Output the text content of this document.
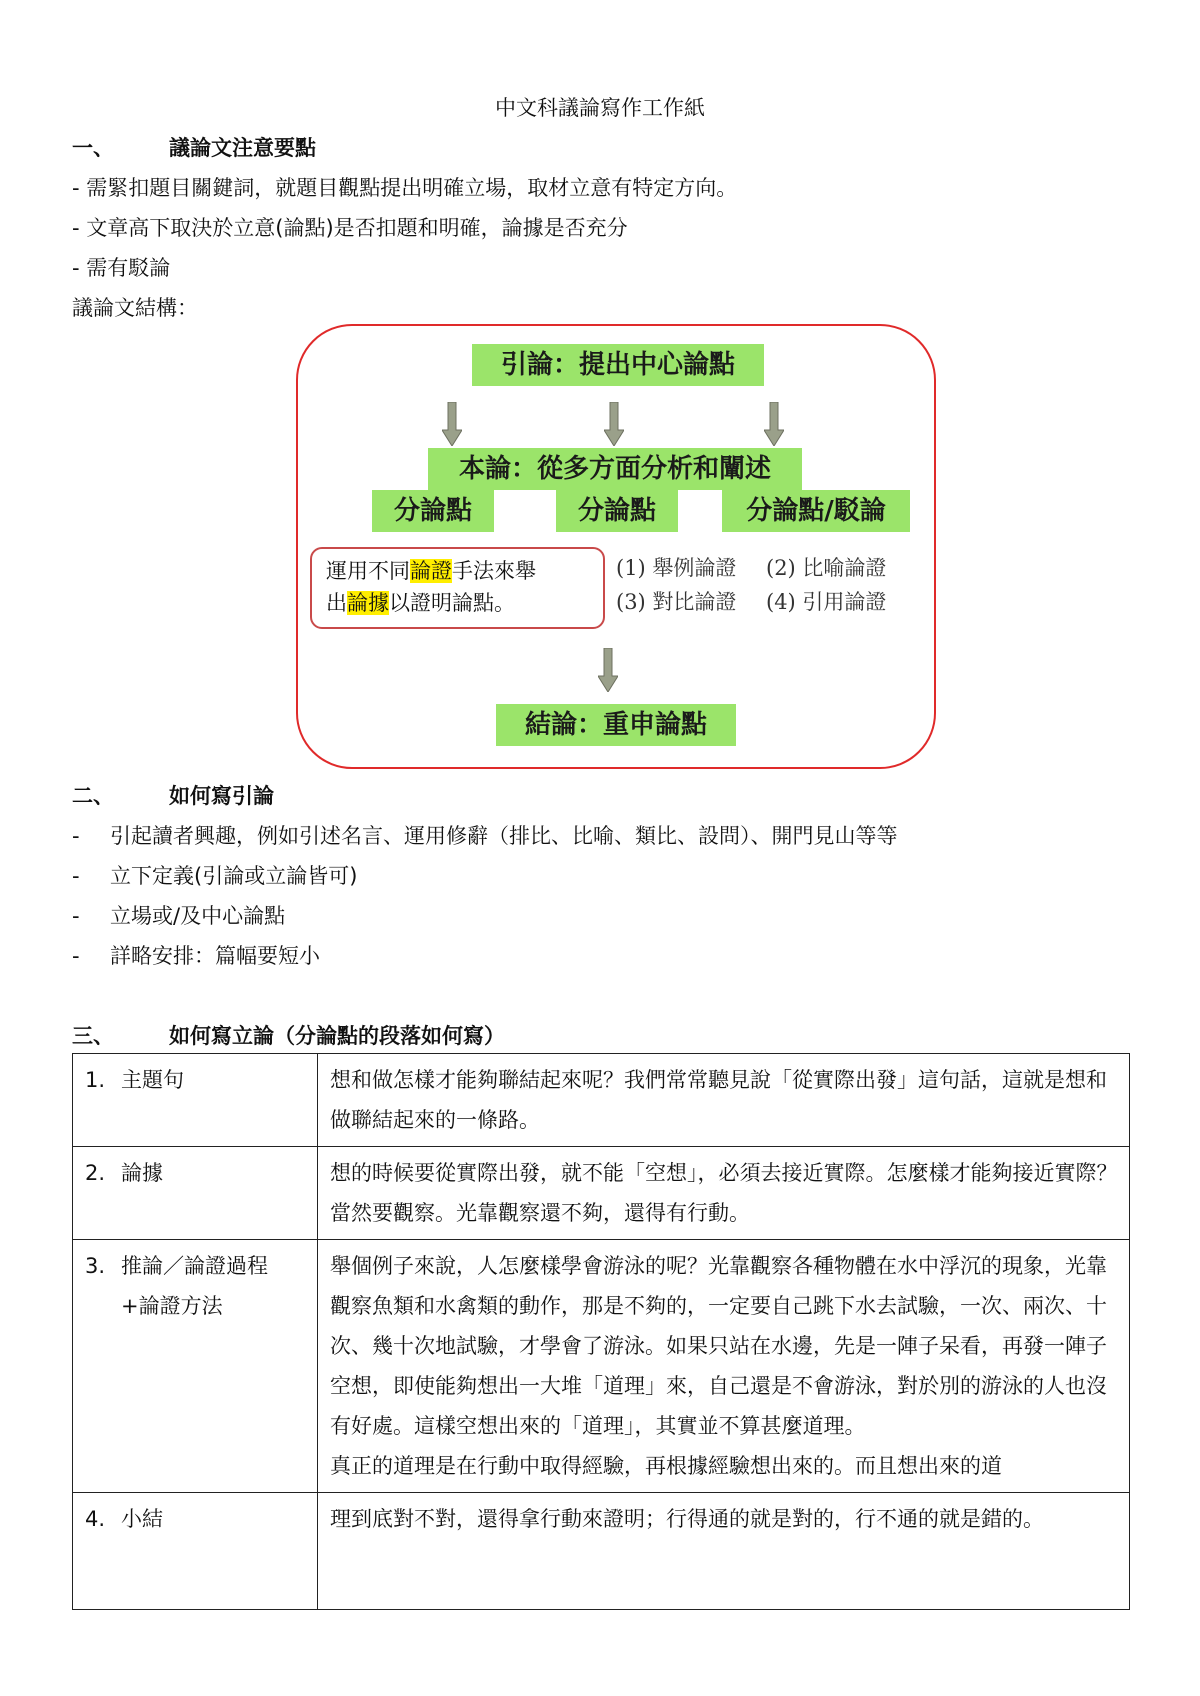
中文科議論寫作工作紙
一、	議論文注意要點
- 需緊扣題目關鍵詞，就題目觀點提出明確立場，取材立意有特定方向。
- 文章高下取決於立意(論點)是否扣題和明確，論據是否充分
- 需有駁論
議論文結構：
引論：提出中心論點
本論：從多方面分析和闡述
分論點	分論點	分論點/駁論
運用不同論證手法來舉
出論據以證明論點。
(1) 舉例論證 (2) 比喻論證
(3) 對比論證 (4) 引用論證
結論：重申論點
二、	如何寫引論
- 引起讀者興趣，例如引述名言、運用修辭（排比、比喻、類比、設問）、開門見山等等
- 立下定義(引論或立論皆可)
- 立場或/及中心論點
- 詳略安排：篇幅要短小
三、	如何寫立論（分論點的段落如何寫）
1. 主題句	想和做怎樣才能夠聯結起來呢？我們常常聽見說「從實際出發」這句話，這就是想和做聯結起來的一條路。
2. 論據	想的時候要從實際出發，就不能「空想」，必須去接近實際。怎麼樣才能夠接近實際？當然要觀察。光靠觀察還不夠，還得有行動。
3. 推論／論證過程
+論證方法	舉個例子來說，人怎麼樣學會游泳的呢？光靠觀察各種物體在水中浮沉的現象，光靠觀察魚類和水禽類的動作，那是不夠的，一定要自己跳下水去試驗，一次、兩次、十次、幾十次地試驗，才學會了游泳。如果只站在水邊，先是一陣子呆看，再發一陣子空想，即使能夠想出一大堆「道理」來，自己還是不會游泳，對於別的游泳的人也沒有好處。這樣空想出來的「道理」，其實並不算甚麼道理。
真正的道理是在行動中取得經驗，再根據經驗想出來的。而且想出來的道
4. 小結	理到底對不對，還得拿行動來證明；行得通的就是對的，行不通的就是錯的。
